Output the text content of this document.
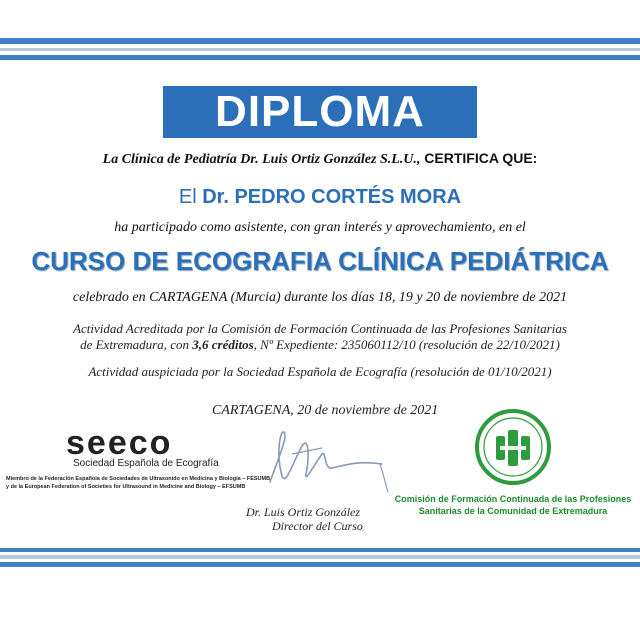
DIPLOMA
La Clínica de Pediatría Dr. Luis Ortiz González S.L.U., CERTIFICA QUE:
El Dr. PEDRO CORTÉS MORA
ha participado como asistente, con gran interés y aprovechamiento, en el
CURSO DE ECOGRAFIA CLÍNICA PEDIÁTRICA
celebrado en CARTAGENA (Murcia) durante los días 18, 19 y 20 de noviembre de 2021
Actividad Acreditada por la Comisión de Formación Continuada de las Profesiones Sanitarias
de Extremadura, con 3,6 créditos, Nº Expediente: 235060112/10 (resolución de 22/10/2021)
Actividad auspiciada por la Sociedad Española de Ecografía (resolución de 01/10/2021)
CARTAGENA, 20 de noviembre de 2021
seeco
Sociedad Española de Ecografía
Miembro de la Federación Española de Sociedades de Ultrasonido en Medicina y Biología – FESUMB
y de la European Federation of Societies for Ultrasound in Medicine and Biology – EFSUMB
Dr. Luis Ortiz González
Director del Curso
Comisión de Formación Continuada de las Profesiones
Sanitarias de la Comunidad de Extremadura
